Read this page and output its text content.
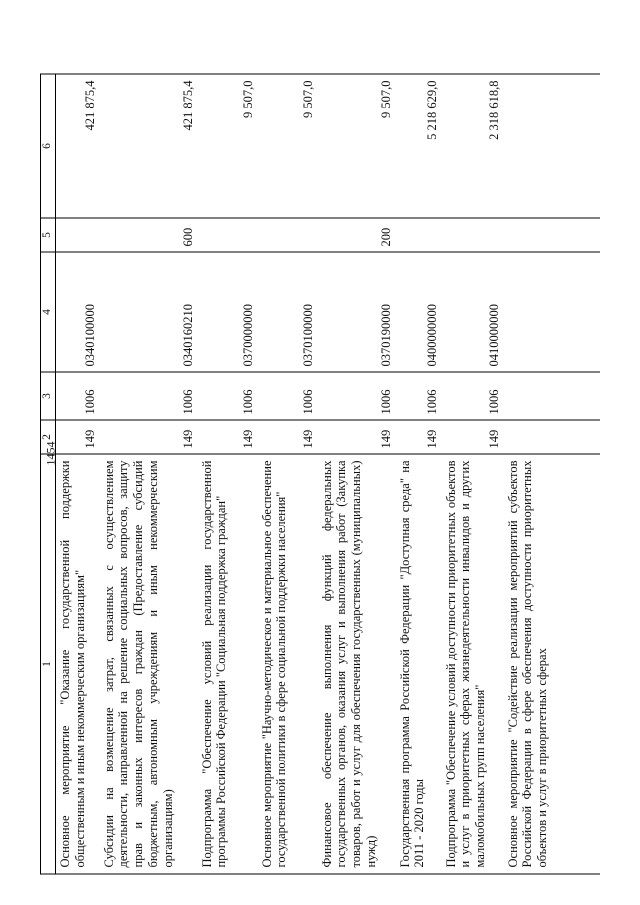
1454
1	2	3	4	5	6
Основное мероприятие "Оказание государственной поддержки общественным и иным некоммерческим организациям"	149	1006	0340100000		421 875,4
Субсидии на возмещение затрат, связанных с осуществлением деятельности, направленной на решение социальных вопросов, защиту прав и законных интересов граждан (Предоставление субсидий бюджетным, автономным учреждениям и иным некоммерческим организациям)	149	1006	0340160210	600	421 875,4
Подпрограмма "Обеспечение условий реализации государственной программы Российской Федерации "Социальная поддержка граждан"	149	1006	0370000000		9 507,0
Основное мероприятие "Научно-методическое и материальное обеспечение государственной политики в сфере социальной поддержки населения"	149	1006	0370100000		9 507,0
Финансовое обеспечение выполнения функций федеральных государственных органов, оказания услуг и выполнения работ (Закупка товаров, работ и услуг для обеспечения государственных (муниципальных) нужд)	149	1006	0370190000	200	9 507,0
Государственная программа Российской Федерации "Доступная среда" на 2011 - 2020 годы	149	1006	0400000000		5 218 629,0
Подпрограмма "Обеспечение условий доступности приоритетных объектов и услуг в приоритетных сферах жизнедеятельности инвалидов и других маломобильных групп населения"	149	1006	0410000000		2 318 618,8
Основное мероприятие "Содействие реализации мероприятий субъектов Российской Федерации в сфере обеспечения доступности приоритетных объектов и услуг в приоритетных сферах					
